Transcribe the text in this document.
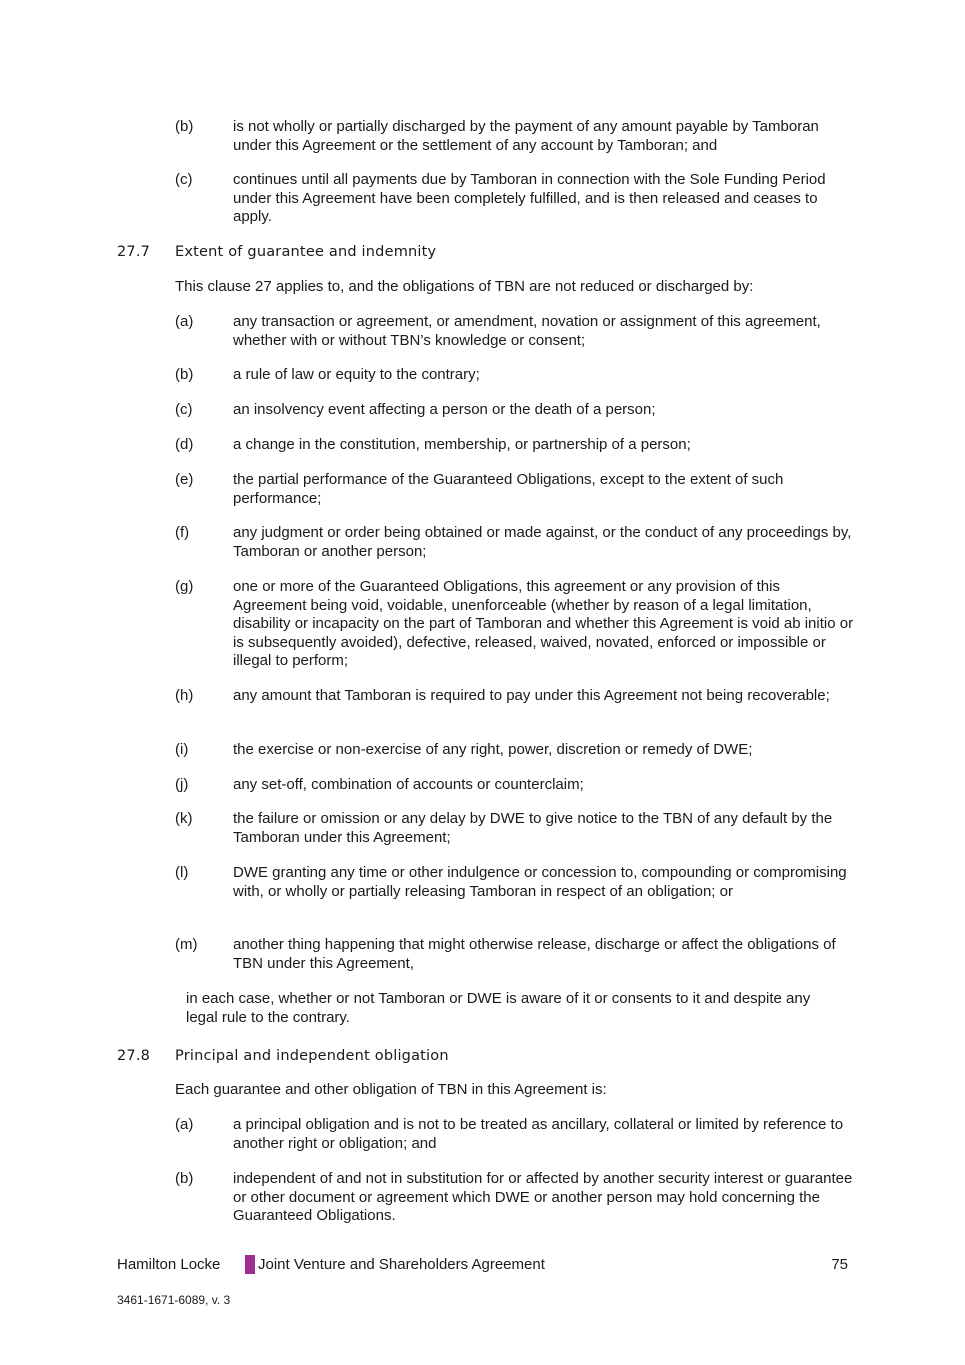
(b)	is not wholly or partially discharged by the payment of any amount payable by Tamboran under this Agreement or the settlement of any account by Tamboran; and
(c)	continues until all payments due by Tamboran in connection with the Sole Funding Period under this Agreement have been completely fulfilled, and is then released and ceases to apply.
27.7 Extent of guarantee and indemnity
This clause 27 applies to, and the obligations of TBN are not reduced or discharged by:
(a)	any transaction or agreement, or amendment, novation or assignment of this agreement, whether with or without TBN’s knowledge or consent;
(b)	a rule of law or equity to the contrary;
(c)	an insolvency event affecting a person or the death of a person;
(d)	a change in the constitution, membership, or partnership of a person;
(e)	the partial performance of the Guaranteed Obligations, except to the extent of such performance;
(f)	any judgment or order being obtained or made against, or the conduct of any proceedings by, Tamboran or another person;
(g)	one or more of the Guaranteed Obligations, this agreement or any provision of this Agreement being void, voidable, unenforceable (whether by reason of a legal limitation, disability or incapacity on the part of Tamboran and whether this Agreement is void ab initio or is subsequently avoided), defective, released, waived, novated, enforced or impossible or illegal to perform;
(h)	any amount that Tamboran is required to pay under this Agreement not being recoverable;
(i)	the exercise or non-exercise of any right, power, discretion or remedy of DWE;
(j)	any set-off, combination of accounts or counterclaim;
(k)	the failure or omission or any delay by DWE to give notice to the TBN of any default by the Tamboran under this Agreement;
(l)	DWE granting any time or other indulgence or concession to, compounding or compromising with, or wholly or partially releasing Tamboran in respect of an obligation; or
(m) another thing happening that might otherwise release, discharge or affect the obligations of TBN under this Agreement,
in each case, whether or not Tamboran or DWE is aware of it or consents to it and despite any legal rule to the contrary.
27.8 Principal and independent obligation
Each guarantee and other obligation of TBN in this Agreement is:
(a)	a principal obligation and is not to be treated as ancillary, collateral or limited by reference to another right or obligation; and
(b)	independent of and not in substitution for or affected by another security interest or guarantee or other document or agreement which DWE or another person may hold concerning the Guaranteed Obligations.
Hamilton Locke	Joint Venture and Shareholders Agreement	75
3461-1671-6089, v. 3
